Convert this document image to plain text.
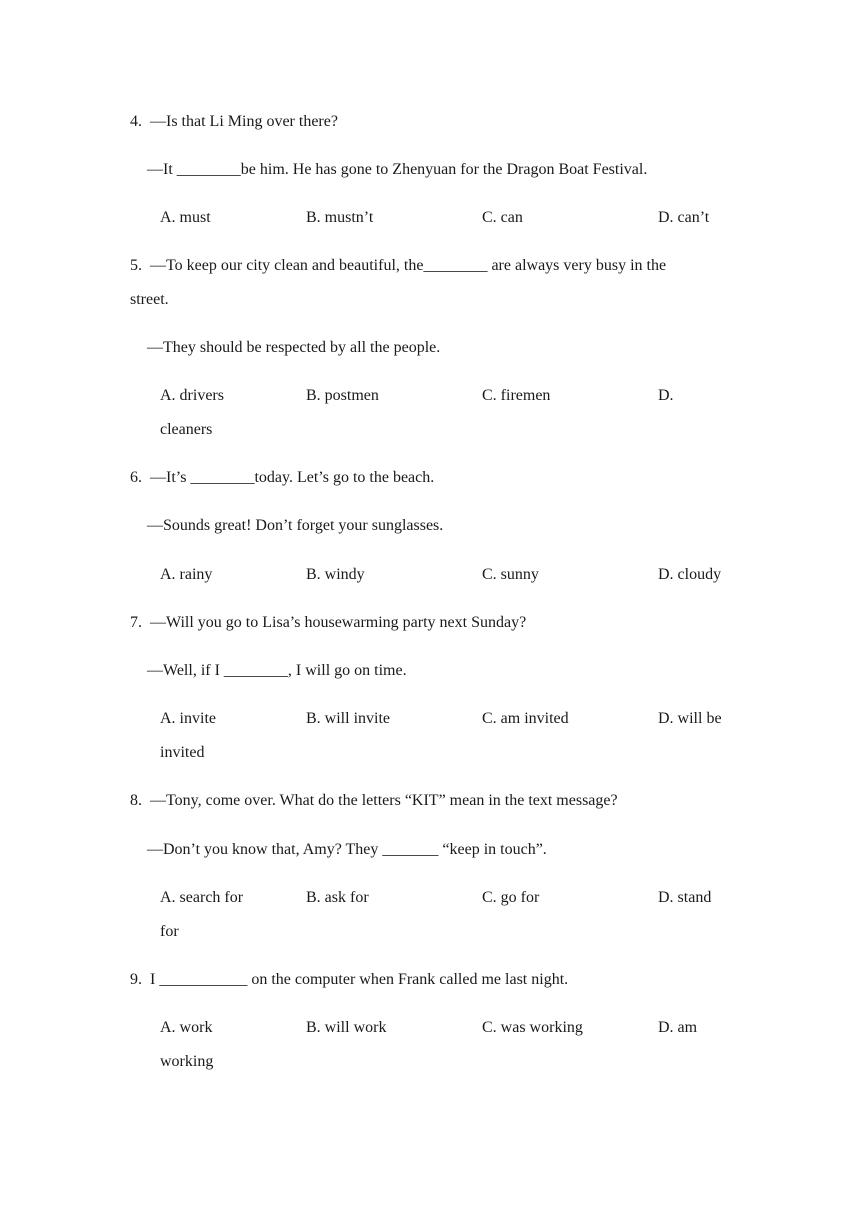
4. —Is that Li Ming over there?
—It ________be him. He has gone to Zhenyuan for the Dragon Boat Festival.
A. must	B. mustn’t	C. can	D. can’t
5. —To keep our city clean and beautiful, the________ are always very busy in the
street.
—They should be respected by all the people.
A. drivers	B. postmen	C. firemen	D.
cleaners
6. —It’s ________today. Let’s go to the beach.
—Sounds great! Don’t forget your sunglasses.
A. rainy	B. windy	C. sunny	D. cloudy
7. —Will you go to Lisa’s housewarming party next Sunday?
—Well, if I ________, I will go on time.
A. invite	B. will invite	C. am invited	D. will be
invited
8. —Tony, come over. What do the letters “KIT” mean in the text message?
—Don’t you know that, Amy? They _______ “keep in touch”.
A. search for	B. ask for	C. go for	D. stand
for
9. I ___________ on the computer when Frank called me last night.
A. work	B. will work	C. was working	D. am
working
